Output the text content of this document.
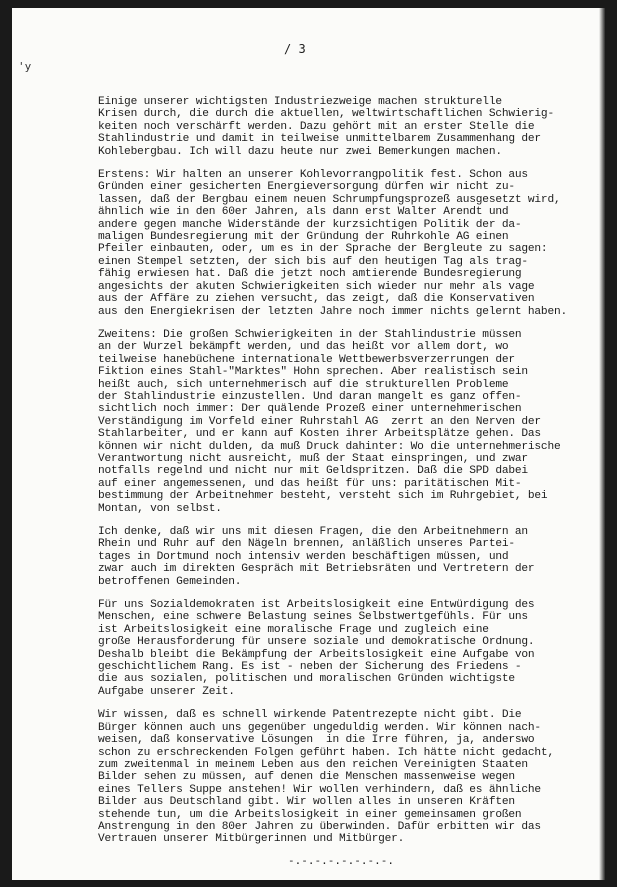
'y
/ 3
Einige unserer wichtigsten Industriezweige machen strukturelle
Krisen durch, die durch die aktuellen, weltwirtschaftlichen Schwierig-
keiten noch verschärft werden. Dazu gehört mit an erster Stelle die
Stahlindustrie und damit in teilweise unmittelbarem Zusammenhang der
Kohlebergbau. Ich will dazu heute nur zwei Bemerkungen machen.
Erstens: Wir halten an unserer Kohlevorrangpolitik fest. Schon aus
Gründen einer gesicherten Energieversorgung dürfen wir nicht zu-
lassen, daß der Bergbau einem neuen Schrumpfungsprozeß ausgesetzt wird,
ähnlich wie in den 60er Jahren, als dann erst Walter Arendt und
andere gegen manche Widerstände der kurzsichtigen Politik der da-
maligen Bundesregierung mit der Gründung der Ruhrkohle AG einen
Pfeiler einbauten, oder, um es in der Sprache der Bergleute zu sagen:
einen Stempel setzten, der sich bis auf den heutigen Tag als trag-
fähig erwiesen hat. Daß die jetzt noch amtierende Bundesregierung
angesichts der akuten Schwierigkeiten sich wieder nur mehr als vage
aus der Affäre zu ziehen versucht, das zeigt, daß die Konservativen
aus den Energiekrisen der letzten Jahre noch immer nichts gelernt haben.
Zweitens: Die großen Schwierigkeiten in der Stahlindustrie müssen
an der Wurzel bekämpft werden, und das heißt vor allem dort, wo
teilweise hanebüchene internationale Wettbewerbsverzerrungen der
Fiktion eines Stahl-"Marktes" Hohn sprechen. Aber realistisch sein
heißt auch, sich unternehmerisch auf die strukturellen Probleme
der Stahlindustrie einzustellen. Und daran mangelt es ganz offen-
sichtlich noch immer: Der quälende Prozeß einer unternehmerischen
Verständigung im Vorfeld einer Ruhrstahl AG  zerrt an den Nerven der
Stahlarbeiter, und er kann auf Kosten ihrer Arbeitsplätze gehen. Das
können wir nicht dulden, da muß Druck dahinter: Wo die unternehmerische
Verantwortung nicht ausreicht, muß der Staat einspringen, und zwar
notfalls regelnd und nicht nur mit Geldspritzen. Daß die SPD dabei
auf einer angemessenen, und das heißt für uns: paritätischen Mit-
bestimmung der Arbeitnehmer besteht, versteht sich im Ruhrgebiet, bei
Montan, von selbst.
Ich denke, daß wir uns mit diesen Fragen, die den Arbeitnehmern an
Rhein und Ruhr auf den Nägeln brennen, anläßlich unseres Partei-
tages in Dortmund noch intensiv werden beschäftigen müssen, und
zwar auch im direkten Gespräch mit Betriebsräten und Vertretern der
betroffenen Gemeinden.
Für uns Sozialdemokraten ist Arbeitslosigkeit eine Entwürdigung des
Menschen, eine schwere Belastung seines Selbstwertgefühls. Für uns
ist Arbeitslosigkeit eine moralische Frage und zugleich eine
große Herausforderung für unsere soziale und demokratische Ordnung.
Deshalb bleibt die Bekämpfung der Arbeitslosigkeit eine Aufgabe von
geschichtlichem Rang. Es ist - neben der Sicherung des Friedens -
die aus sozialen, politischen und moralischen Gründen wichtigste
Aufgabe unserer Zeit.
Wir wissen, daß es schnell wirkende Patentrezepte nicht gibt. Die
Bürger können auch uns gegenüber ungeduldig werden. Wir können nach-
weisen, daß konservative Lösungen  in die Irre führen, ja, anderswo
schon zu erschreckenden Folgen geführt haben. Ich hätte nicht gedacht,
zum zweitenmal in meinem Leben aus den reichen Vereinigten Staaten
Bilder sehen zu müssen, auf denen die Menschen massenweise wegen
eines Tellers Suppe anstehen! Wir wollen verhindern, daß es ähnliche
Bilder aus Deutschland gibt. Wir wollen alles in unseren Kräften
stehende tun, um die Arbeitslosigkeit in einer gemeinsamen großen
Anstrengung in den 80er Jahren zu überwinden. Dafür erbitten wir das
Vertrauen unserer Mitbürgerinnen und Mitbürger.
-.-.-.-.-.-.-.-.
